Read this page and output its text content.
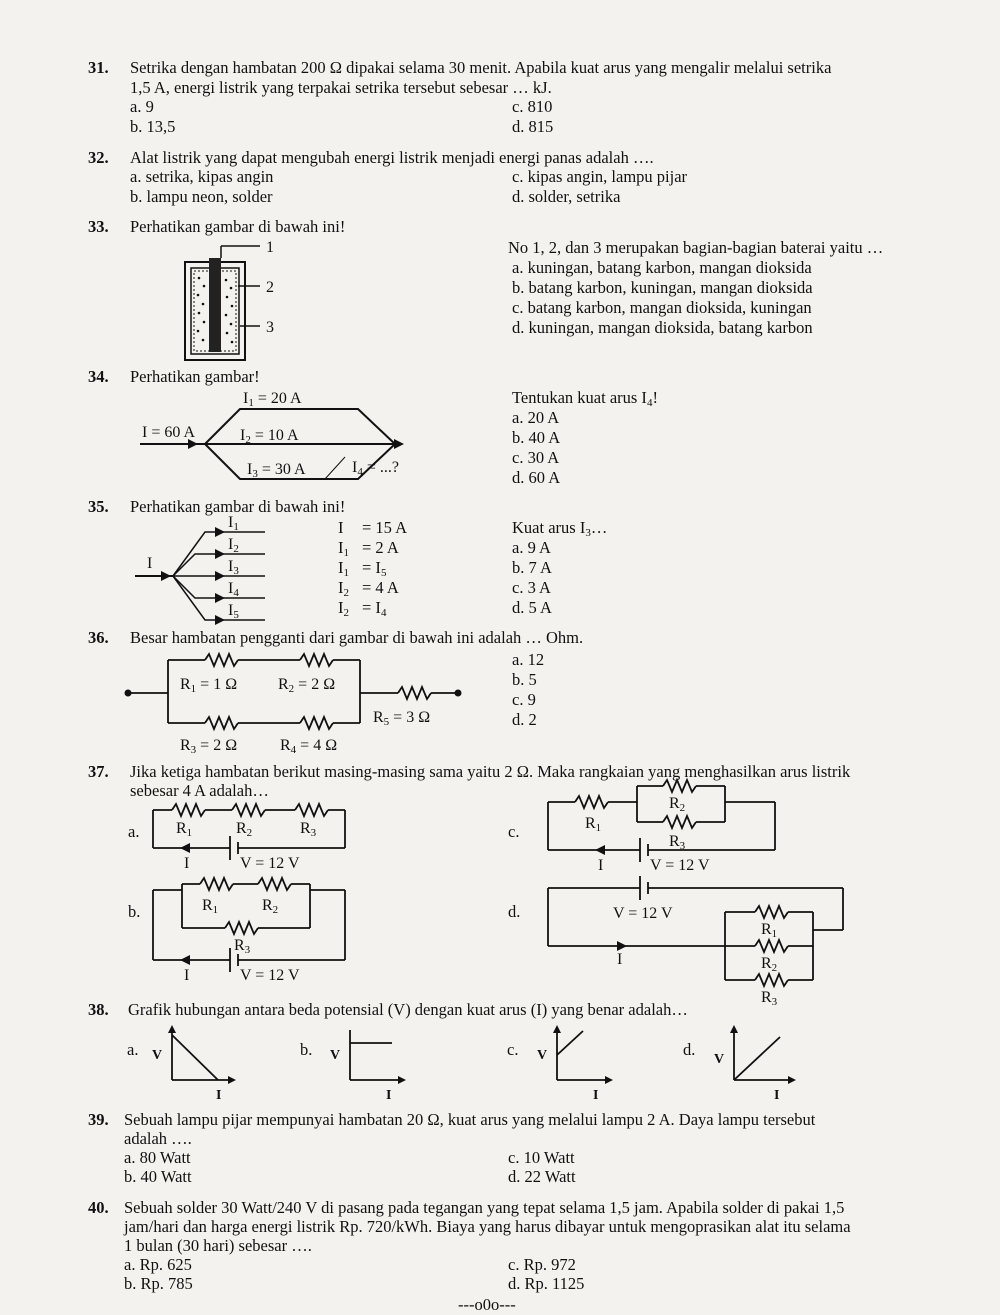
31. Setrika dengan hambatan 200 Ω dipakai selama 30 menit. Apabila kuat arus yang mengalir melalui setrika
1,5 A, energi listrik yang terpakai setrika tersebut sebesar … kJ.
a. 9
b. 13,5
c. 810
d. 815
32. Alat listrik yang dapat mengubah energi listrik menjadi energi panas adalah ….
a. setrika, kipas angin
b. lampu neon, solder
c. kipas angin, lampu pijar
d. solder, setrika
33. Perhatikan gambar di bawah ini!
1
2
3
No 1, 2, dan 3 merupakan bagian-bagian baterai yaitu …
a. kuningan, batang karbon, mangan dioksida
b. batang karbon, kuningan, mangan dioksida
c. batang karbon, mangan dioksida, kuningan
d. kuningan, mangan dioksida, batang karbon
34. Perhatikan gambar!
I = 60 A
I1 = 20 A
I2 = 10 A
I3 = 30 A	I4 = ...?
Tentukan kuat arus $I_4$!
a. 20 A
b. 40 A
c. 30 A
d. 60 A
35. Perhatikan gambar di bawah ini!
I
I1
I2
I3
I4
I5
I = 15 A
$I_1 = 2$ A
$I_1 = I_5$
$I_2 = 4$ A
$I_2 = I_4$
Kuat arus $I_3\dots$
a. 9 A
b. 7 A
c. 3 A
d. 5 A
36. Besar hambatan pengganti dari gambar di bawah ini adalah … Ohm.
R1 = 1 Ω	R2 = 2 Ω
R3 = 2 Ω	R4 = 4 Ω
R5 = 3 Ω
a. 12
b. 5
c. 9
d. 2
37. Jika ketiga hambatan berikut masing-masing sama yaitu 2 Ω. Maka rangkaian yang menghasilkan arus listrik
sebesar 4 A adalah…
a. R1	R2	R3
I	V = 12 V
b.	R1	R2
R3
I	V = 12 V
c.	R1
R2
R3
I	V = 12 V
d.	V = 12 V
I
R1
R2
R3
38. Grafik hubungan antara beda potensial (V) dengan kuat arus (I) yang benar adalah…
a. V
I
b. V
I
c. V
I
d.
V
I
39. Sebuah lampu pijar mempunyai hambatan 20 Ω, kuat arus yang melalui lampu 2 A. Daya lampu tersebut
adalah ….
a. 80 Watt
b. 40 Watt
c. 10 Watt
d. 22 Watt
40. Sebuah solder 30 Watt/240 V di pasang pada tegangan yang tepat selama 1,5 jam. Apabila solder di pakai 1,5
jam/hari dan harga energi listrik Rp. 720/kWh. Biaya yang harus dibayar untuk mengoprasikan alat itu selama
1 bulan (30 hari) sebesar ….
a. Rp. 625
b. Rp. 785
c. Rp. 972
d. Rp. 1125
---o0o---
